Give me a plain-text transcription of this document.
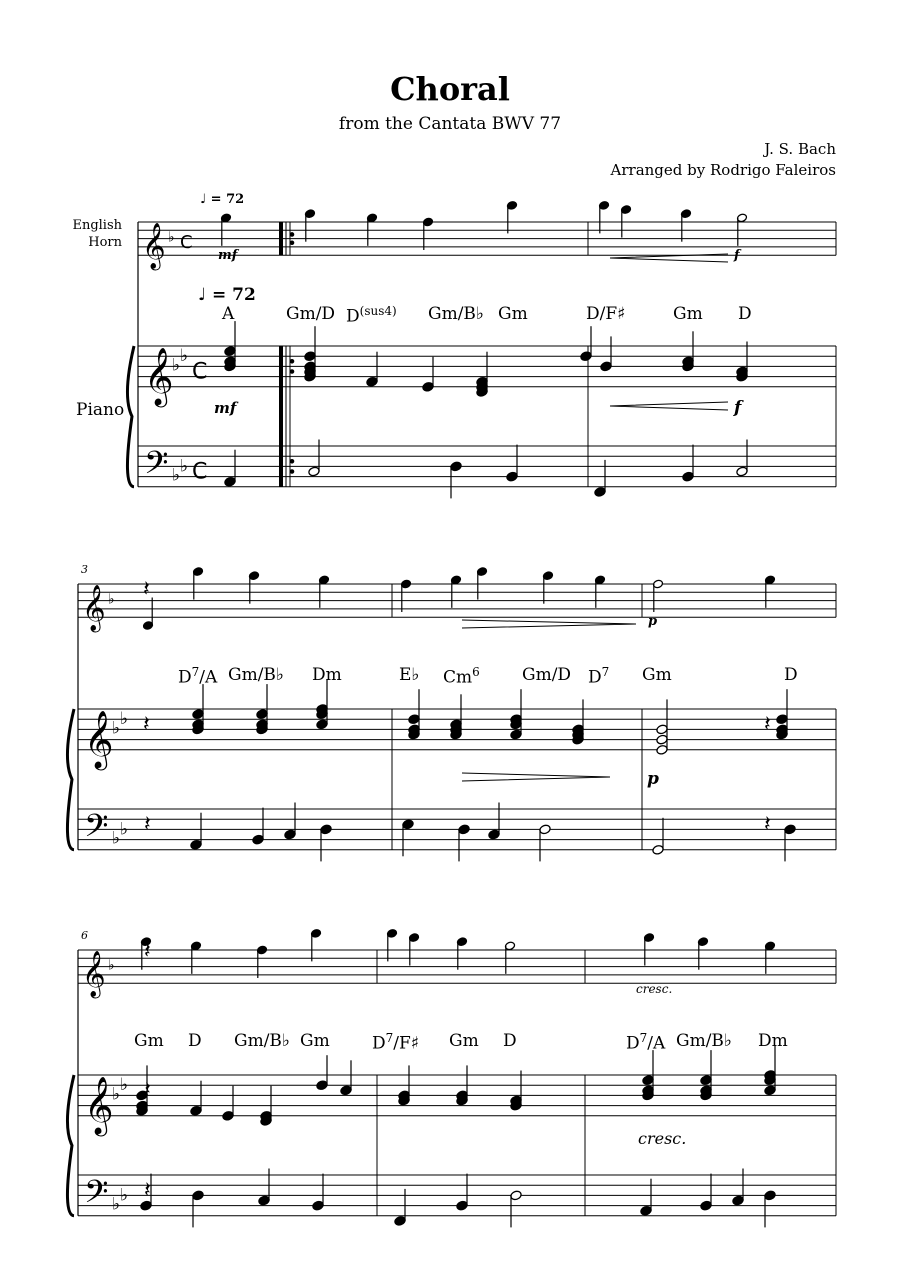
Choral
from the Cantata BWV 77
J. S. Bach
Arranged by Rodrigo Faleiros
English
Horn
Piano
♩ = 72
♩ = 72
3
6
A	Gm/D $D^{(sus4)}$ Gm/B♭ Gm	D/F♯	Gm D
$D^7/A$ Gm/B♭ Dm	E♭ Cm$^6$ Gm/D $D^7$ Gm	D
Gm D Gm/B♭ Gm $D^7/F♯$ Gm D	$D^7/A$ Gm/B♭ Dm
mf	f
mf	f
p
p
cresc.
cresc.
𝄞
𝄞
𝄢
♭
♭ ♭
♭ ♭
C
C
C
𝄞
𝄞
𝄢
♭
♭ ♭
♭ ♭
𝄞
𝄞
𝄢
♭
♭ ♭
♭ ♭
𝄽
𝄽
𝄽
𝄽
𝄽
𝄽
𝄽
𝄽
